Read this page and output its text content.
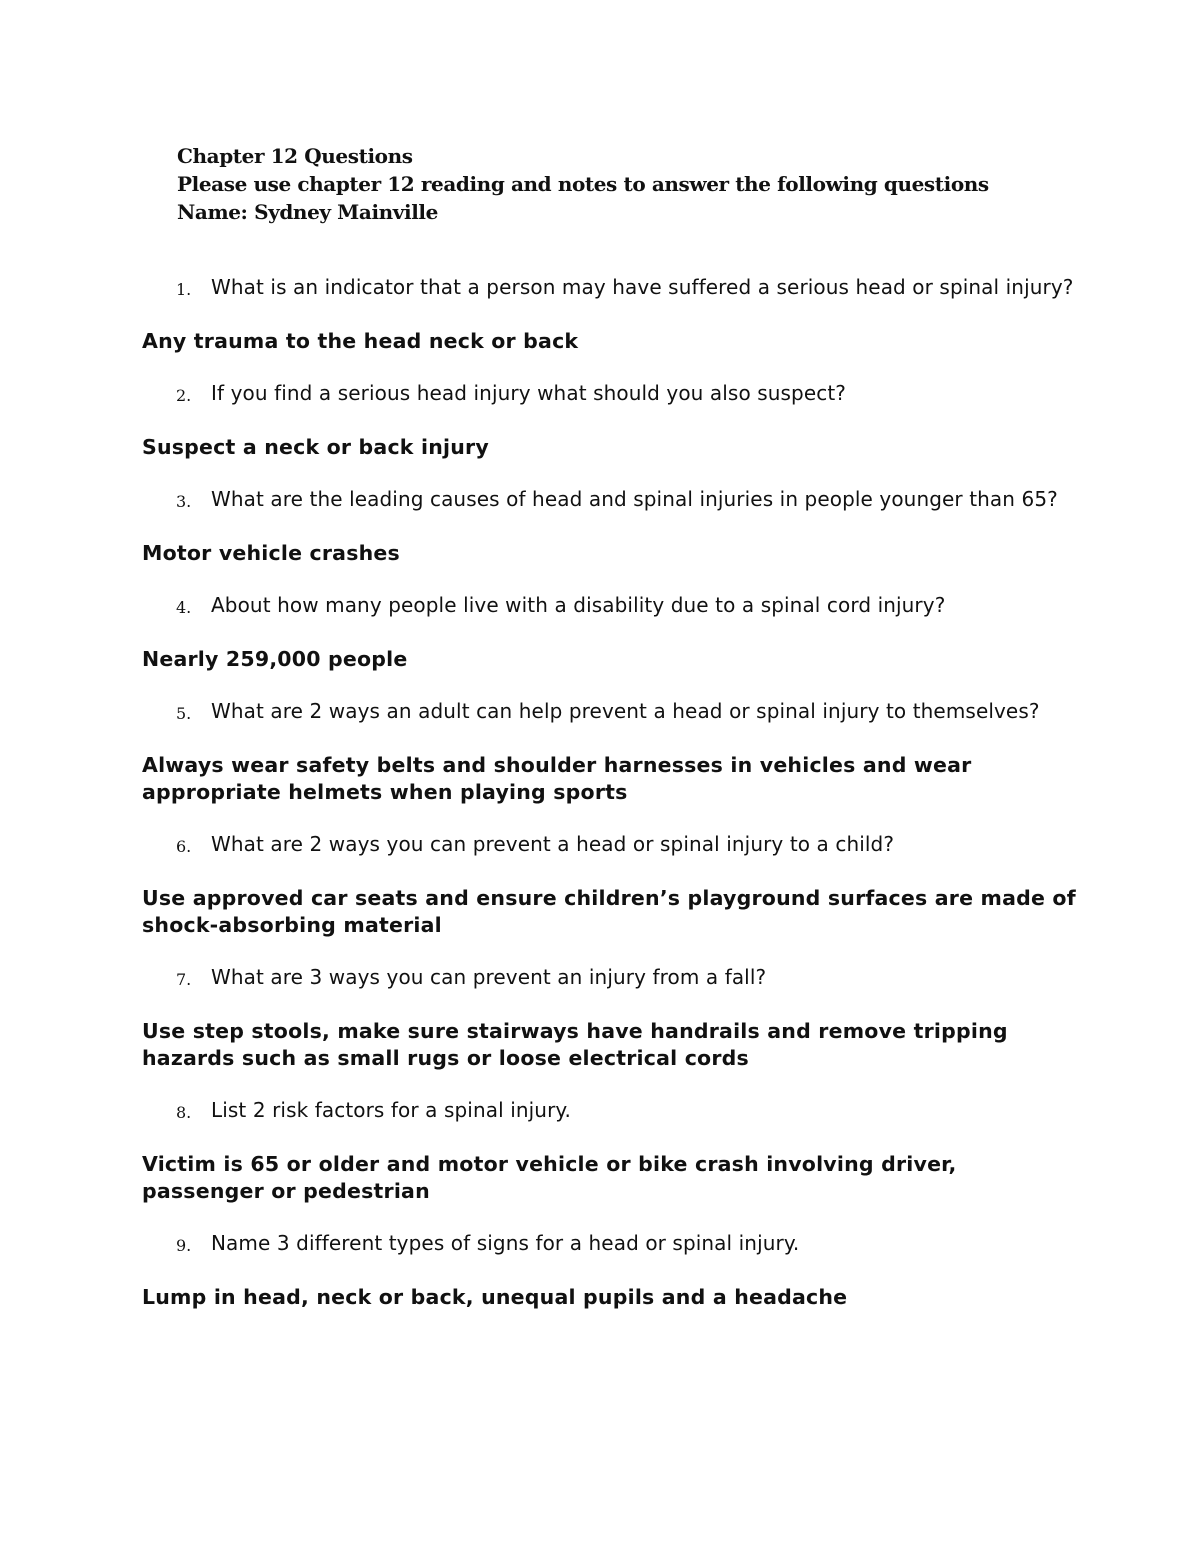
Chapter 12 Questions
Please use chapter 12 reading and notes to answer the following questions
Name: Sydney Mainville
1. What is an indicator that a person may have suffered a serious head or spinal injury?
Any trauma to the head neck or back
2. If you find a serious head injury what should you also suspect?
Suspect a neck or back injury
3. What are the leading causes of head and spinal injuries in people younger than 65?
Motor vehicle crashes
4. About how many people live with a disability due to a spinal cord injury?
Nearly 259,000 people
5. What are 2 ways an adult can help prevent a head or spinal injury to themselves?
Always wear safety belts and shoulder harnesses in vehicles and wear appropriate helmets when playing sports
6. What are 2 ways you can prevent a head or spinal injury to a child?
Use approved car seats and ensure children’s playground surfaces are made of shock-absorbing material
7. What are 3 ways you can prevent an injury from a fall?
Use step stools, make sure stairways have handrails and remove tripping hazards such as small rugs or loose electrical cords
8. List 2 risk factors for a spinal injury.
Victim is 65 or older and motor vehicle or bike crash involving driver, passenger or pedestrian
9. Name 3 different types of signs for a head or spinal injury.
Lump in head, neck or back, unequal pupils and a headache
